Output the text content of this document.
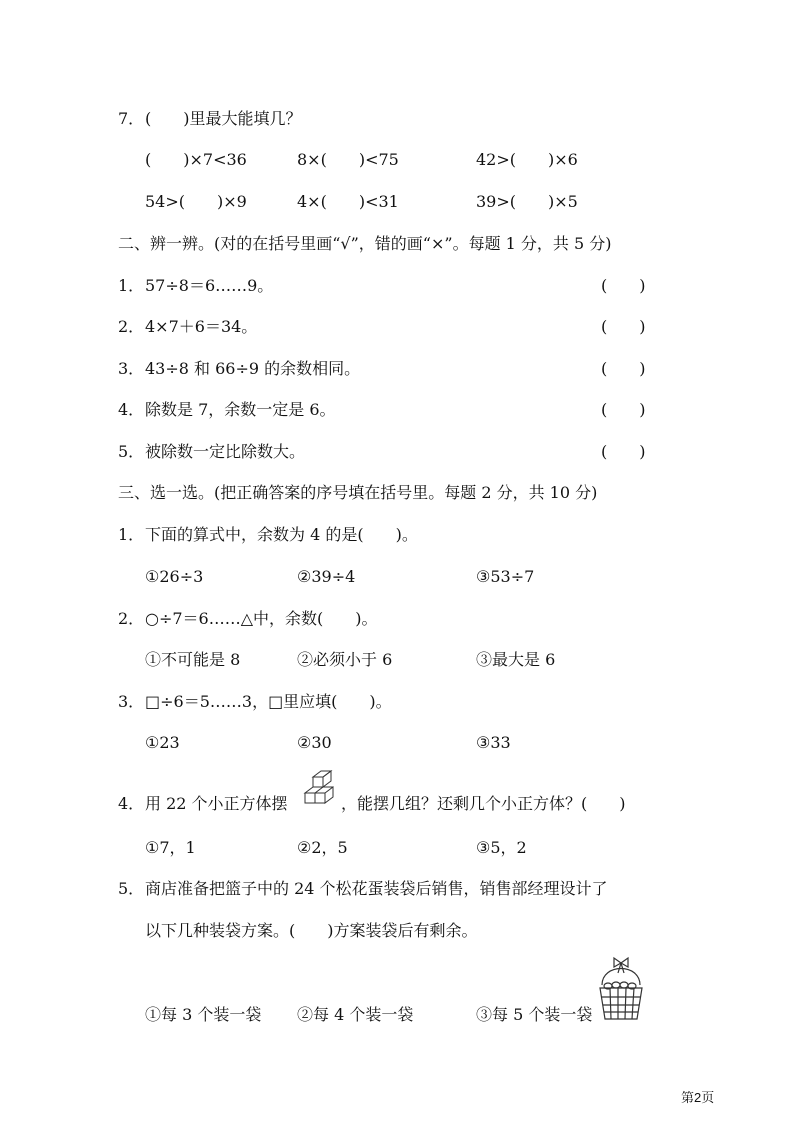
7． (　　)里最大能填几？
(　　)×7<36	8×(　　)<75	42>(　　)×6
54>(　　)×9	4×(　　)<31	39>(　　)×5
二、辨一辨。(对的在括号里画“√”，错的画“×”。每题 1 分，共 5 分)
1． 57÷8＝6……9。	(　　)
2． 4×7＋6＝34。	(　　)
3． 43÷8 和 66÷9 的余数相同。	(　　)
4． 除数是 7，余数一定是 6。	(　　)
5． 被除数一定比除数大。	(　　)
三、选一选。(把正确答案的序号填在括号里。每题 2 分，共 10 分)
1． 下面的算式中，余数为 4 的是(　　)。
①26÷3	②39÷4	③53÷7
2． ○÷7＝6……△中，余数(　　)。
①不可能是 8	②必须小于 6	③最大是 6
3． □÷6＝5……3，□里应填(　　)。
①23	②30	③33
4． 用 22 个小正方体摆	，能摆几组？还剩几个小正方体？(　　)
①7，1	②2，5	③5，2
5． 商店准备把篮子中的 24 个松花蛋装袋后销售，销售部经理设计了
以下几种装袋方案。(　　)方案装袋后有剩余。
①每 3 个装一袋 ②每 4 个装一袋	③每 5 个装一袋
第2页
